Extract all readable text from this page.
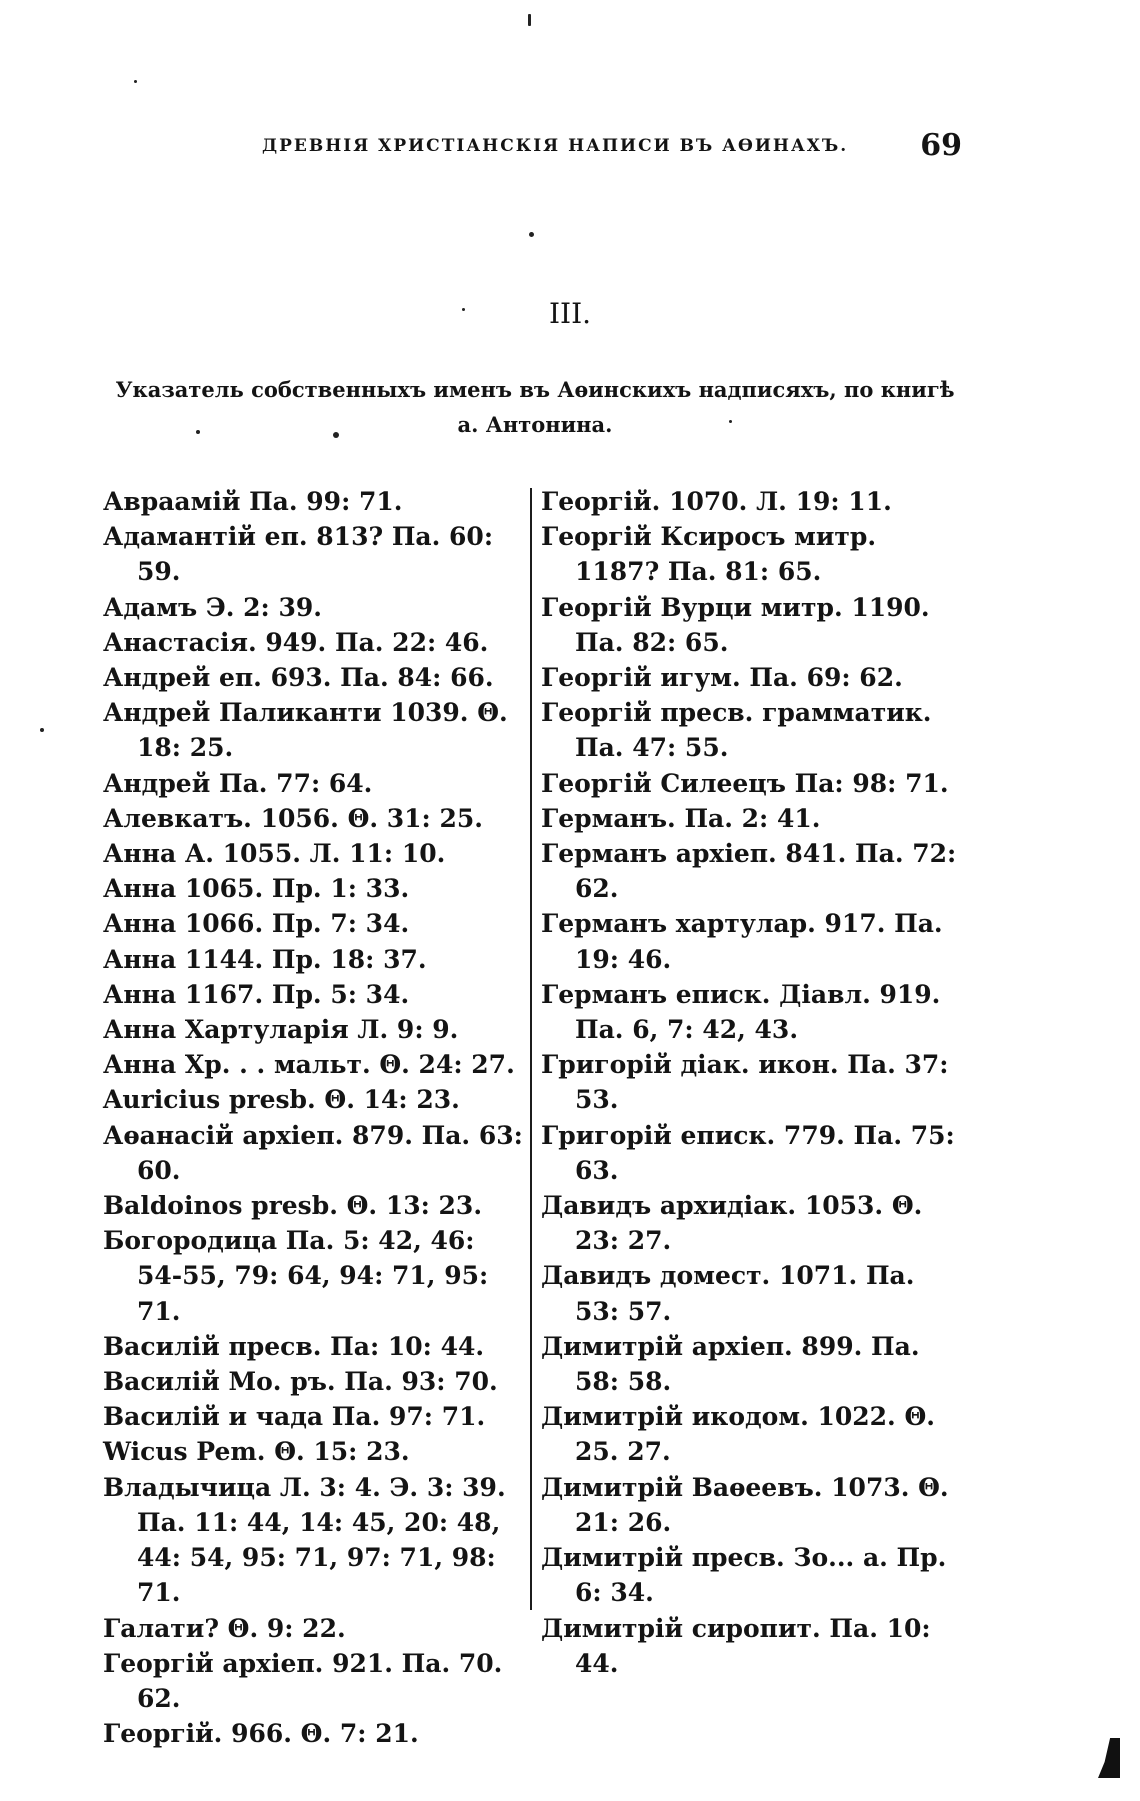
ДРЕВНІЯ ХРИСТІАНСКІЯ НАПИСИ ВЪ АѲИНАХЪ. 69
III.
Указатель собственныхъ именъ въ Аѳинскихъ надписяхъ, по книгѣ
а. Антонина.
Авраамій Па. 99: 71.
Адамантій еп. 813? Па. 60: 59.
Адамъ Э. 2: 39.
Анастасія. 949. Па. 22: 46.
Андрей еп. 693. Па. 84: 66.
Андрей Паликанти 1039. Θ. 18: 25.
Андрей Па. 77: 64.
Алевкатъ. 1056. Θ. 31: 25.
Анна А. 1055. Л. 11: 10.
Анна 1065. Пр. 1: 33.
Анна 1066. Пр. 7: 34.
Анна 1144. Пр. 18: 37.
Анна 1167. Пр. 5: 34.
Анна Хартуларія Л. 9: 9.
Анна Хр. . . мальт. Θ. 24: 27.
Auricius presb. Θ. 14: 23.
Аѳанасій архіеп. 879. Па. 63: 60.
Baldoinos presb. Θ. 13: 23.
Богородица Па. 5: 42, 46: 54-55, 79: 64, 94: 71, 95: 71.
Василій пресв. Па: 10: 44.
Василій Мо. ръ. Па. 93: 70.
Василій и чада Па. 97: 71.
Wicus Pem. Θ. 15: 23.
Владычица Л. 3: 4. Э. 3: 39. Па. 11: 44, 14: 45, 20: 48, 44: 54, 95: 71, 97: 71, 98: 71.
Галати? Θ. 9: 22.
Георгій архіеп. 921. Па. 70. 62.
Георгій. 966. Θ. 7: 21.
Георгій. 1070. Л. 19: 11.
Георгій Ксиросъ митр. 1187? Па. 81: 65.
Георгій Вурци митр. 1190. Па. 82: 65.
Георгій игум. Па. 69: 62.
Георгій пресв. грамматик. Па. 47: 55.
Георгій Силеецъ Па: 98: 71.
Германъ. Па. 2: 41.
Германъ архіеп. 841. Па. 72: 62.
Германъ хартулар. 917. Па. 19: 46.
Германъ еписк. Діавл. 919. Па. 6, 7: 42, 43.
Григорій діак. икон. Па. 37: 53.
Григорій еписк. 779. Па. 75: 63.
Давидъ архидіак. 1053. Θ. 23: 27.
Давидъ домест. 1071. Па. 53: 57.
Димитрій архіеп. 899. Па. 58: 58.
Димитрій икодом. 1022. Θ. 25. 27.
Димитрій Ваѳеевъ. 1073. Θ. 21: 26.
Димитрій пресв. Зо... а. Пр. 6: 34.
Димитрій сиропит. Па. 10: 44.
